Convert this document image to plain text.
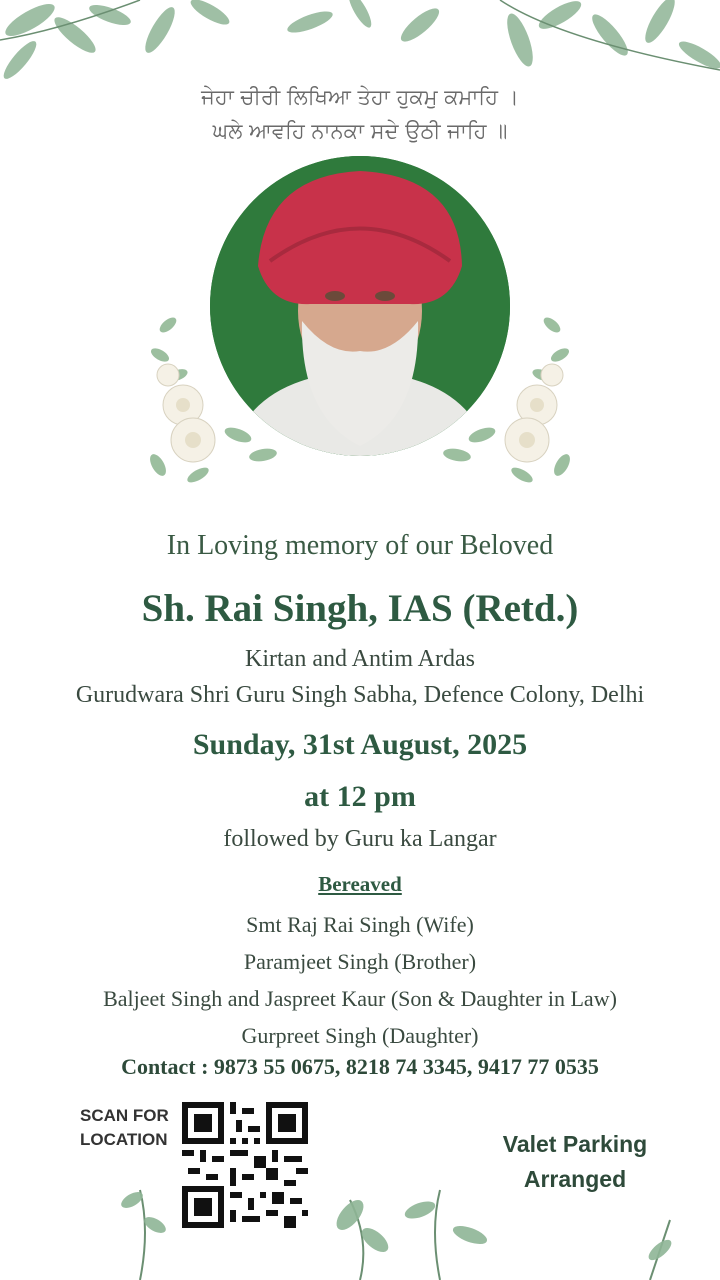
ਜੇਹਾ ਚੀਰੀ ਲਿਖਿਆ ਤੇਹਾ ਹੁਕਮੁ ਕਮਾਹਿ ।
ਘਲੇ ਆਵਹਿ ਨਾਨਕਾ ਸਦੇ ਉਠੀ ਜਾਹਿ ॥
In Loving memory of our Beloved
Sh. Rai Singh, IAS (Retd.)
Kirtan and Antim Ardas
Gurudwara Shri Guru Singh Sabha, Defence Colony, Delhi
Sunday, 31st August, 2025
at 12 pm
followed by Guru ka Langar
Bereaved
Smt Raj Rai Singh (Wife)
Paramjeet Singh (Brother)
Baljeet Singh and Jaspreet Kaur (Son & Daughter in Law)
Gurpreet Singh (Daughter)
Contact : 9873 55 0675, 8218 74 3345, 9417 77 0535
SCAN FOR
LOCATION	Valet Parking
Arranged
